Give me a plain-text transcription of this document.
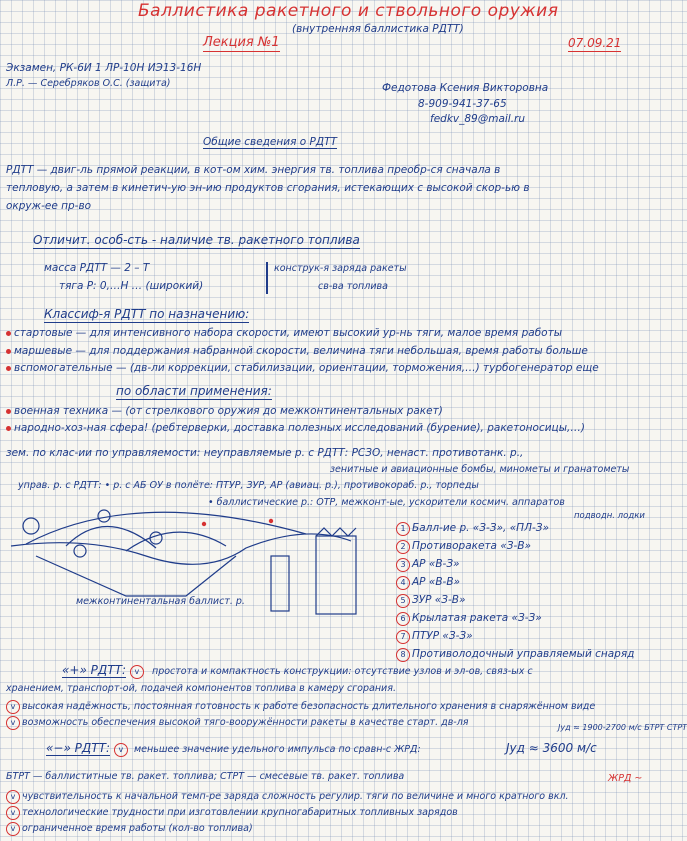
Баллистика ракетного и ствольного оружия
(внутренняя баллистика РДТТ)
Лекция №1	07.09.21
Экзамен, РК-6И 1 ЛР-10Н ИЭ13-16Н
Л.Р. — Серебряков О.С. (защита)	Федотова Ксения Викторовна
8-909-941-37-65
fedkv_89@mail.ru
Общие сведения о РДТТ
РДТТ — двиг-ль прямой реакции, в кот-ом хим. энергия тв. топлива преобр-ся сначала в
тепловую, а затем в кинетич-ую эн-ию продуктов сгорания, истекающих с высокой скор-ью в
окруж-ее пр-во
Отличит. особ-сть - наличие тв. ракетного топлива
масса РДТТ — 2 – Т
тяга Р: 0,…Н … (широкий)
конструк-я заряда ракеты
св-ва топлива
Классиф-я РДТТ по назначению:
стартовые — для интенсивного набора скорости, имеют высокий ур-нь тяги, малое время работы
маршевые — для поддержания набранной скорости, величина тяги небольшая, время работы больше
вспомогательные — (дв-ли коррекции, стабилизации, ориентации, торможения,…) турбогенератор еще
по области применения:
военная техника — (от стрелкового оружия до межконтинентальных ракет)
народно-хоз-ная сфера! (ребтерверки, доставка полезных исследований (бурение), ракетоносицы,…)
зем. по клас-ии по управляемости: неуправляемые р. с РДТТ: РСЗО, ненаст. противотанк. р.,
зенитные и авиационные бомбы, минометы и гранатометы
управ. р. с РДТТ: • р. с АБ ОУ в полёте: ПТУР, ЗУР, АР (авиац. р.), противокораб. р., торпеды
• баллистические р.: ОТР, межконт-ые, ускорители космич. аппаратов
подводн. лодки
межконтинентальная баллист. р.
1 Балл-ие р. «З-З», «ПЛ-З»
2 Противоракета «З-В»
3 АР «В-З»
4 АР «В-В»
5 ЗУР «З-В»
6 Крылатая ракета «З-З»
7 ПТУР «З-З»
8 Противолодочный управляемый снаряд
«+» РДТТ: v	простота и компактность конструкции: отсутствие узлов и эл-ов, связ-ых с
хранением, транспорт-ой, подачей компонентов топлива в камеру сгорания.
v высокая надёжность, постоянная готовность к работе безопасность длительного хранения в снаряжённом виде
v возможность обеспечения высокой тяго-вооружённости ракеты в качестве старт. дв-ля	Jуд ≈ 1900-2700 м/с БТРТ СТРТ
«−» РДТТ: v	меньшее значение удельного импульса по сравн-с ЖРД:	Jуд ≈ 3600 м/с
БТРТ — баллиститные тв. ракет. топлива; СТРТ — смесевые тв. ракет. топлива	ЖРД ~
v чувствительность к начальной темп-ре заряда сложность регулир. тяги по величине и много кратного вкл.
v технологические трудности при изготовлении крупногабаритных топливных зарядов
v ограниченное время работы (кол-во топлива)
